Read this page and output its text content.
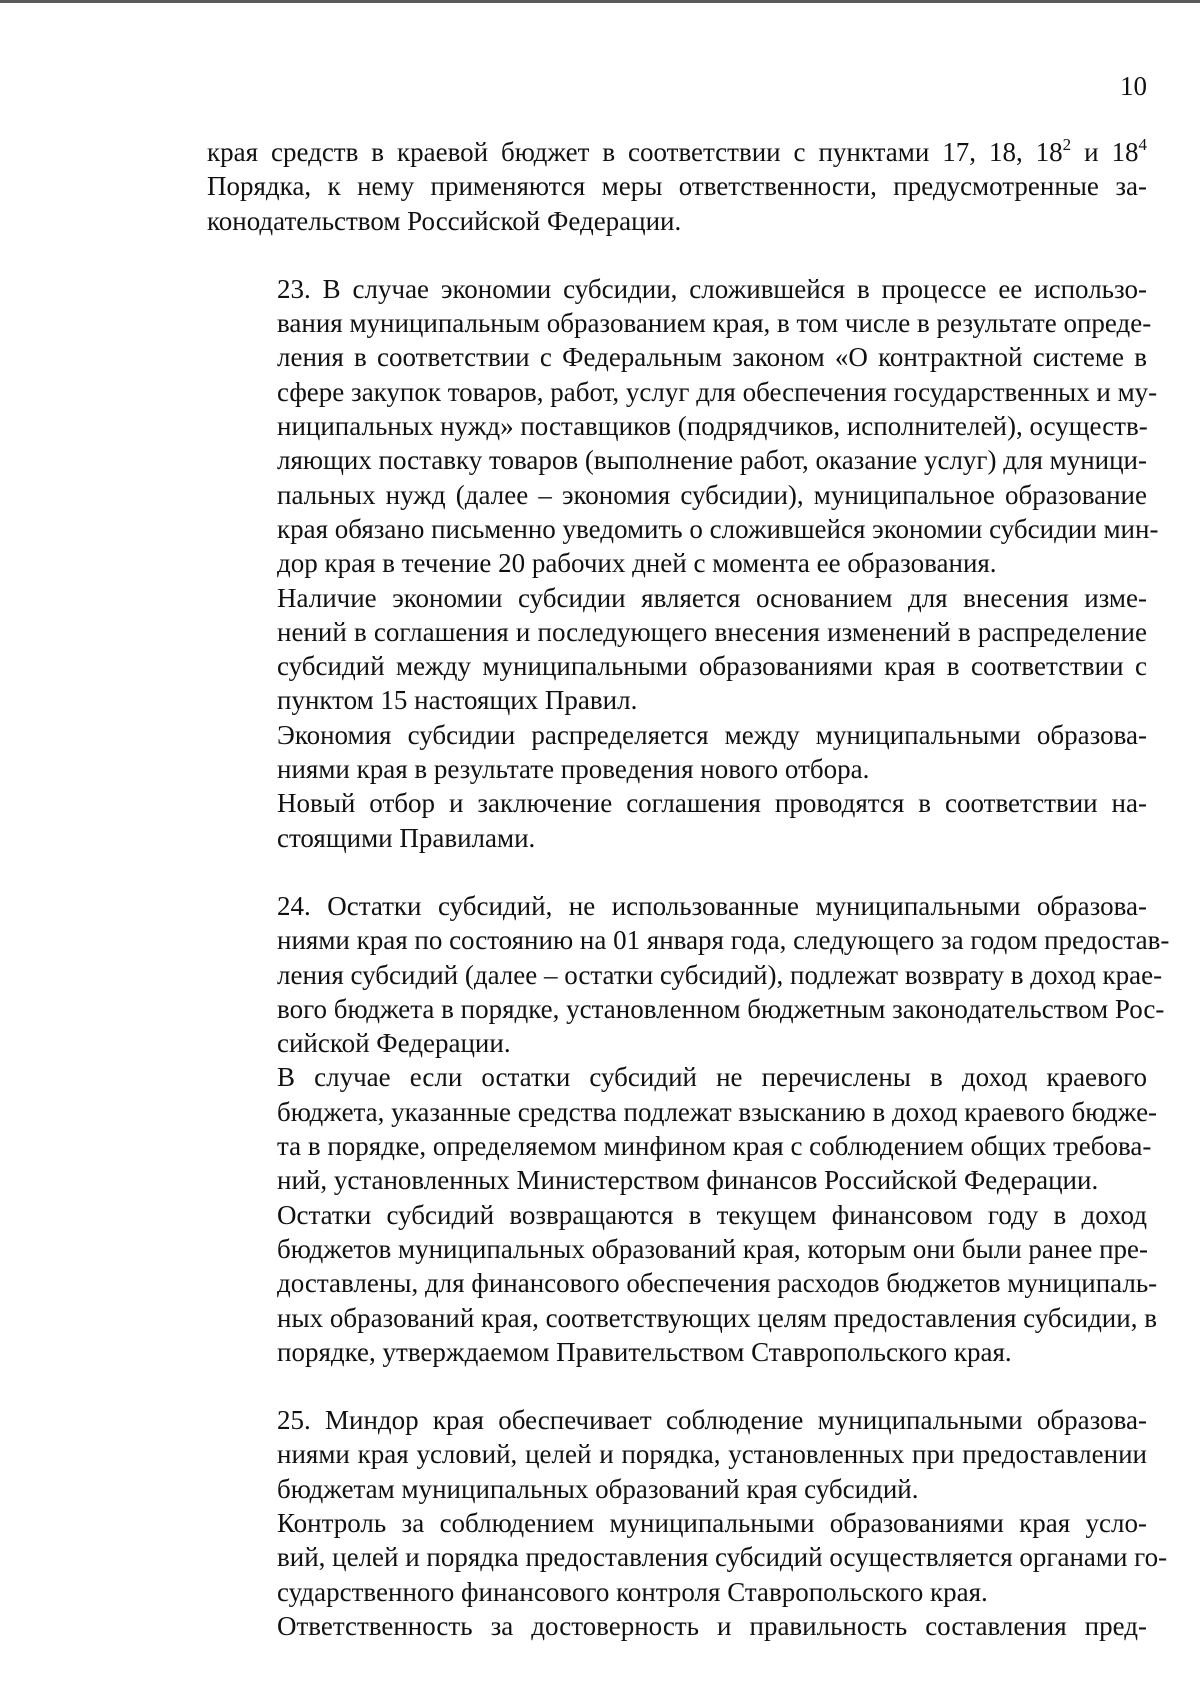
10

края средств в краевой бюджет в соответствии с пунктами 17, 18, $18^2$ и $18^4$
Порядка, к нему применяются меры ответственности, предусмотренные за-
конодательством Российской Федерации.

23. В случае экономии субсидии, сложившейся в процессе ее использо-
вания муниципальным образованием края, в том числе в результате опреде-
ления в соответствии с Федеральным законом «О контрактной системе в
сфере закупок товаров, работ, услуг для обеспечения государственных и му-
ниципальных нужд» поставщиков (подрядчиков, исполнителей), осуществ-
ляющих поставку товаров (выполнение работ, оказание услуг) для муници-
пальных нужд (далее – экономия субсидии), муниципальное образование
края обязано письменно уведомить о сложившейся экономии субсидии мин-
дор края в течение 20 рабочих дней с момента ее образования.

Наличие экономии субсидии является основанием для внесения изме-
нений в соглашения и последующего внесения изменений в распределение
субсидий между муниципальными образованиями края в соответствии с
пунктом 15 настоящих Правил.

Экономия субсидии распределяется между муниципальными образова-
ниями края в результате проведения нового отбора.

Новый отбор и заключение соглашения проводятся в соответствии на-
стоящими Правилами.

24. Остатки субсидий, не использованные муниципальными образова-
ниями края по состоянию на 01 января года, следующего за годом предостав-
ления субсидий (далее – остатки субсидий), подлежат возврату в доход крае-
вого бюджета в порядке, установленном бюджетным законодательством Рос-
сийской Федерации.

В случае если остатки субсидий не перечислены в доход краевого
бюджета, указанные средства подлежат взысканию в доход краевого бюдже-
та в порядке, определяемом минфином края с соблюдением общих требова-
ний, установленных Министерством финансов Российской Федерации.

Остатки субсидий возвращаются в текущем финансовом году в доход
бюджетов муниципальных образований края, которым они были ранее пре-
доставлены, для финансового обеспечения расходов бюджетов муниципаль-
ных образований края, соответствующих целям предоставления субсидии, в
порядке, утверждаемом Правительством Ставропольского края.

25. Миндор края обеспечивает соблюдение муниципальными образова-
ниями края условий, целей и порядка, установленных при предоставлении
бюджетам муниципальных образований края субсидий.

Контроль за соблюдением муниципальными образованиями края усло-
вий, целей и порядка предоставления субсидий осуществляется органами го-
сударственного финансового контроля Ставропольского края.

Ответственность за достоверность и правильность составления пред-
